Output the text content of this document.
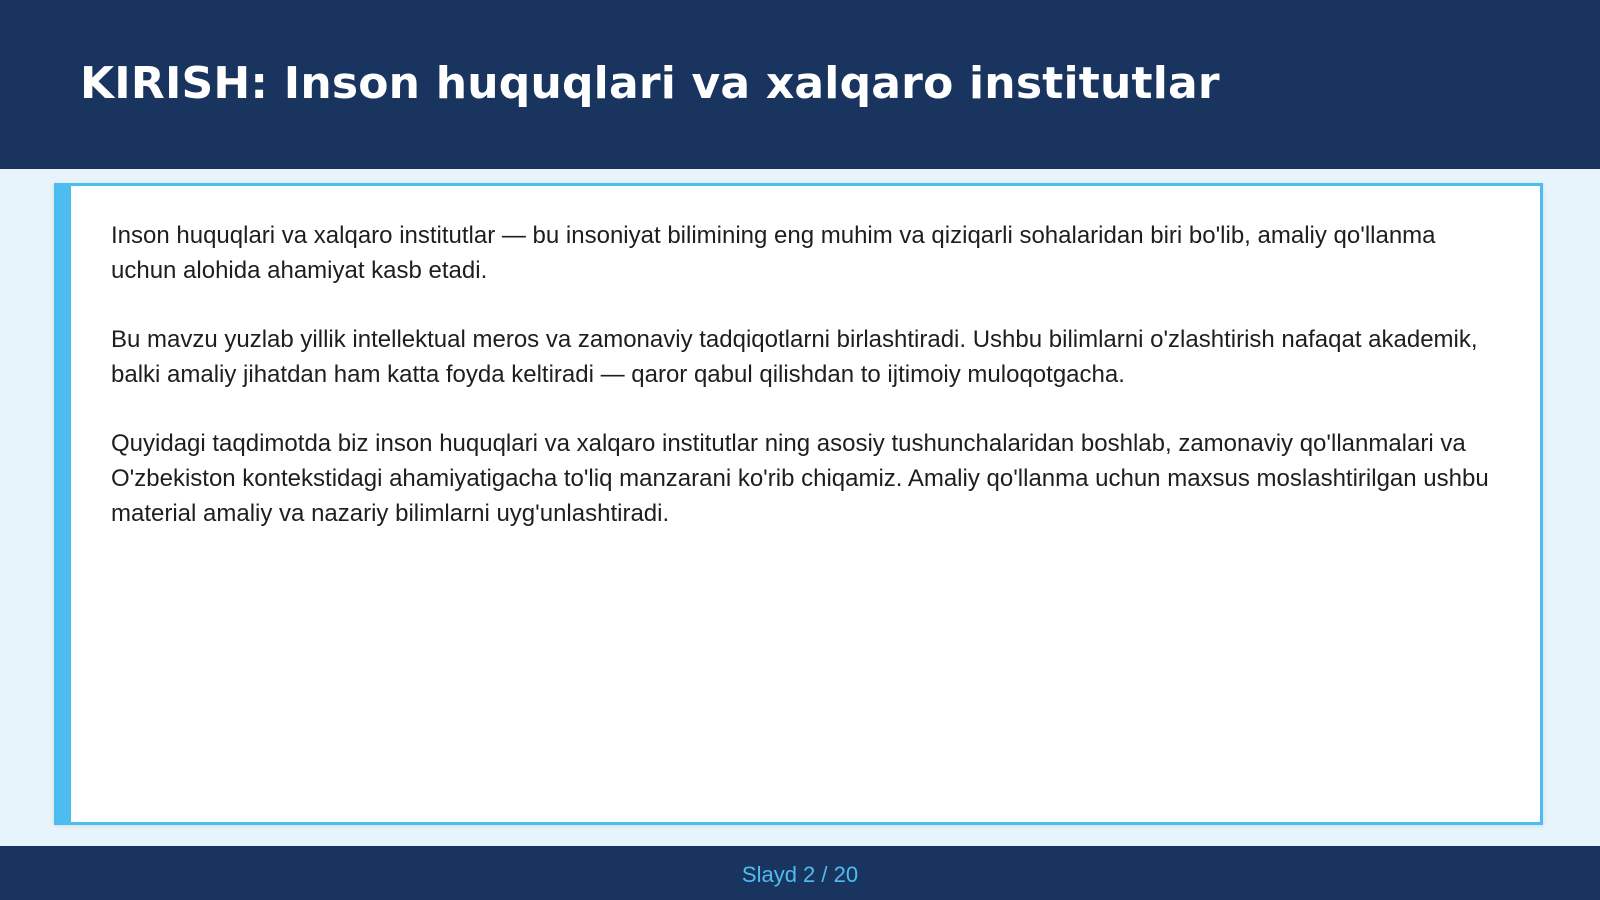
KIRISH: Inson huquqlari va xalqaro institutlar

Inson huquqlari va xalqaro institutlar — bu insoniyat bilimining eng muhim va qiziqarli sohalaridan biri bo'lib, amaliy qo'llanma uchun alohida ahamiyat kasb etadi.

Bu mavzu yuzlab yillik intellektual meros va zamonaviy tadqiqotlarni birlashtiradi. Ushbu bilimlarni o'zlashtirish nafaqat akademik, balki amaliy jihatdan ham katta foyda keltiradi — qaror qabul qilishdan to ijtimoiy muloqotgacha.

Quyidagi taqdimotda biz inson huquqlari va xalqaro institutlar ning asosiy tushunchalaridan boshlab, zamonaviy qo'llanmalari va O'zbekiston kontekstidagi ahamiyatigacha to'liq manzarani ko'rib chiqamiz. Amaliy qo'llanma uchun maxsus moslashtirilgan ushbu material amaliy va nazariy bilimlarni uyg'unlashtiradi.

Slayd 2 / 20
